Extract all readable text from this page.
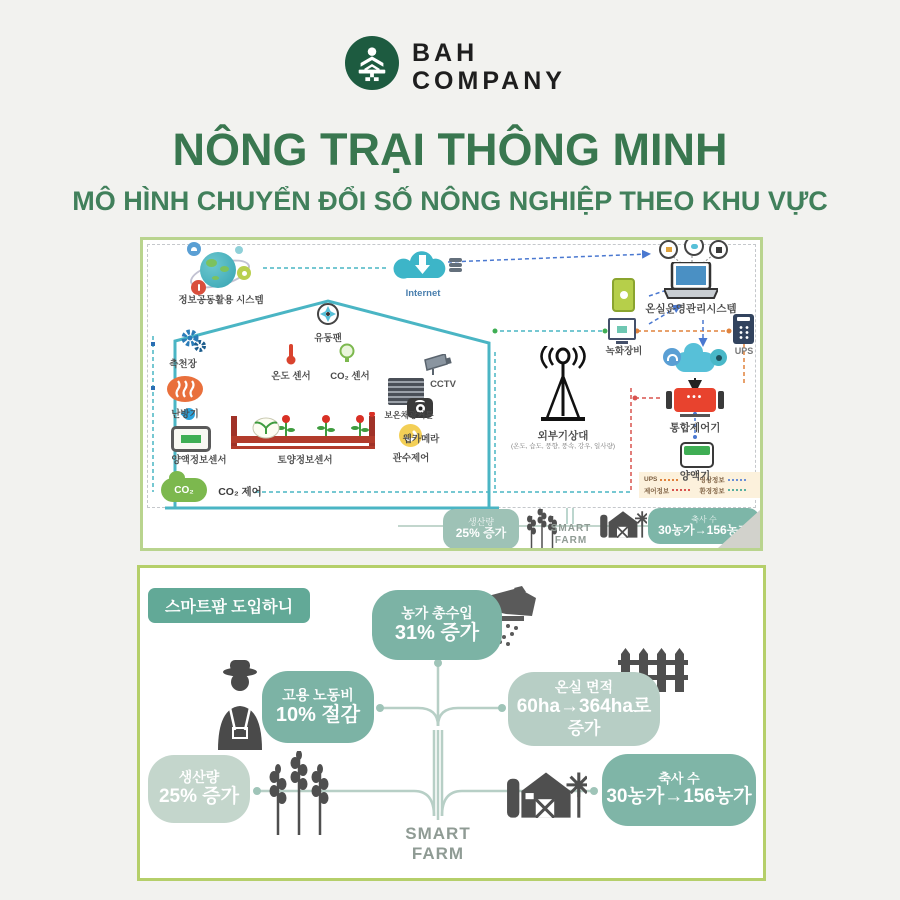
BAH
COMPANY
NÔNG TRẠI THÔNG MINH
MÔ HÌNH CHUYỂN ĐỔI SỐ NÔNG NGHIỆP THEO KHU VỰC
정보공동활용 시스템
Internet
유동팬
온도 센서 CO₂ 센서
측천장
난방기
양액정보센서	토양정보센서
보온채광커튼
관수제어
CCTV
웹카메라
CO₂ CO₂ 제어
외부기상대
(온도, 습도, 풍향, 풍속, 강우, 일사량)
온실운영관리시스템
녹화장비	UPS
•••
통합제어기
양액기
UPS	영상정보
제어정보	환경정보
생산량
25% 증가	SMART
FARM
축사 수
30농가→156농가
스마트팜 도입하니	농가 총수입
31% 증가
고용 노동비
10% 절감
온실 면적
60ha→364ha로
증가
생산량
25% 증가
SMART
FARM
축사 수
30농가→156농가
